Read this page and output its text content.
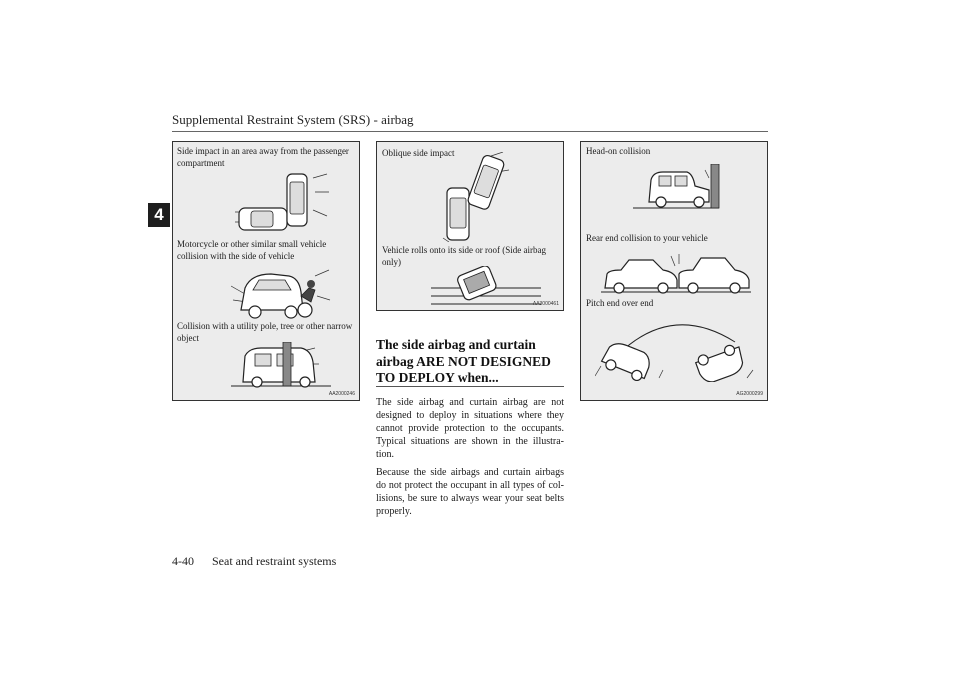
Supplemental Restraint System (SRS) - airbag
4
Side impact in an area away from the passenger compartment
Motorcycle or other similar small vehicle collision with the side of vehicle
Collision with a utility pole, tree or other narrow object
AA2000246
Oblique side impact
Vehicle rolls onto its side or roof (Side airbag only)
AA3000461
The side airbag and curtain airbag ARE NOT DESIGNED TO DEPLOY when...
The side airbag and curtain airbag are not designed to deploy in situations where they cannot provide protection to the occupants. Typical situations are shown in the illustra-tion.
Because the side airbags and curtain airbags do not protect the occupant in all types of col-lisions, be sure to always wear your seat belts properly.
Head-on collision
Rear end collision to your vehicle
Pitch end over end
AG2000299
4-40 Seat and restraint systems
